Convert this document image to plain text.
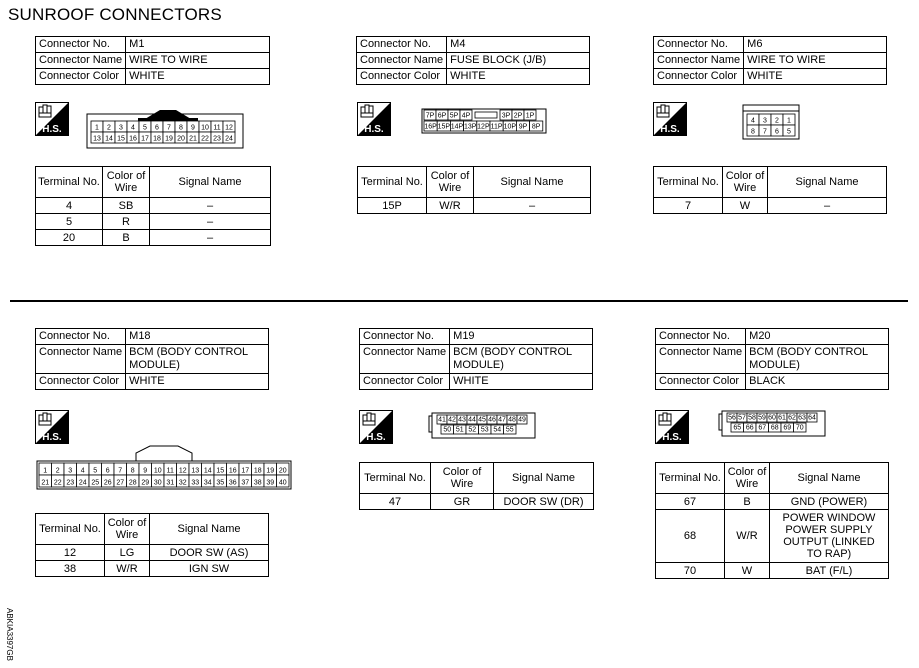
SUNROOF CONNECTORS
Connector No.	M1
Connector Name	WIRE TO WIRE
Connector Color	WHITE
1 2 3 4 5 6 7 8 9 10 11 12
13 14 15 16 17 18 19 20 21 22 23 24
Terminal No.	Color of Wire	Signal Name
4	SB	–
5	R	–
20	B	–
Connector No.	M4
Connector Name	FUSE BLOCK (J/B)
Connector Color	WHITE
7P 6P 5P 4P	3P 2P 1P
16P 15P 14P 13P 12P 11P 10P 9P 8P
Terminal No.	Color of Wire	Signal Name
15P	W/R	–
Connector No.	M6
Connector Name	WIRE TO WIRE
Connector Color	WHITE
4 3 2 1
8 7 6 5
Terminal No.	Color of Wire	Signal Name
7	W	–
Connector No.	M18
Connector Name	BCM (BODY CONTROL MODULE)
Connector Color	WHITE
1 2 3 4 5 6 7 8 9 10 11 12 13 14 15 16 17 18 19 20
21 22 23 24 25 26 27 28 29 30 31 32 33 34 35 36 37 38 39 40
Terminal No.	Color of Wire	Signal Name
12	LG	DOOR SW (AS)
38	W/R	IGN SW
Connector No.	M19
Connector Name	BCM (BODY CONTROL MODULE)
Connector Color	WHITE
41 42 43 44 45 46 47 48 49
50 51 52 53 54 55
Terminal No.	Color of Wire	Signal Name
47	GR	DOOR SW (DR)
Connector No.	M20
Connector Name	BCM (BODY CONTROL MODULE)
Connector Color	BLACK
56 57 58 59 60 61 62 63 64
65 66 67 68 69 70
Terminal No.	Color of Wire	Signal Name
67	B	GND (POWER)
68	W/R	POWER WINDOW POWER SUPPLY OUTPUT (LINKED TO RAP)
70	W	BAT (F/L)
ABKIA3397GB
